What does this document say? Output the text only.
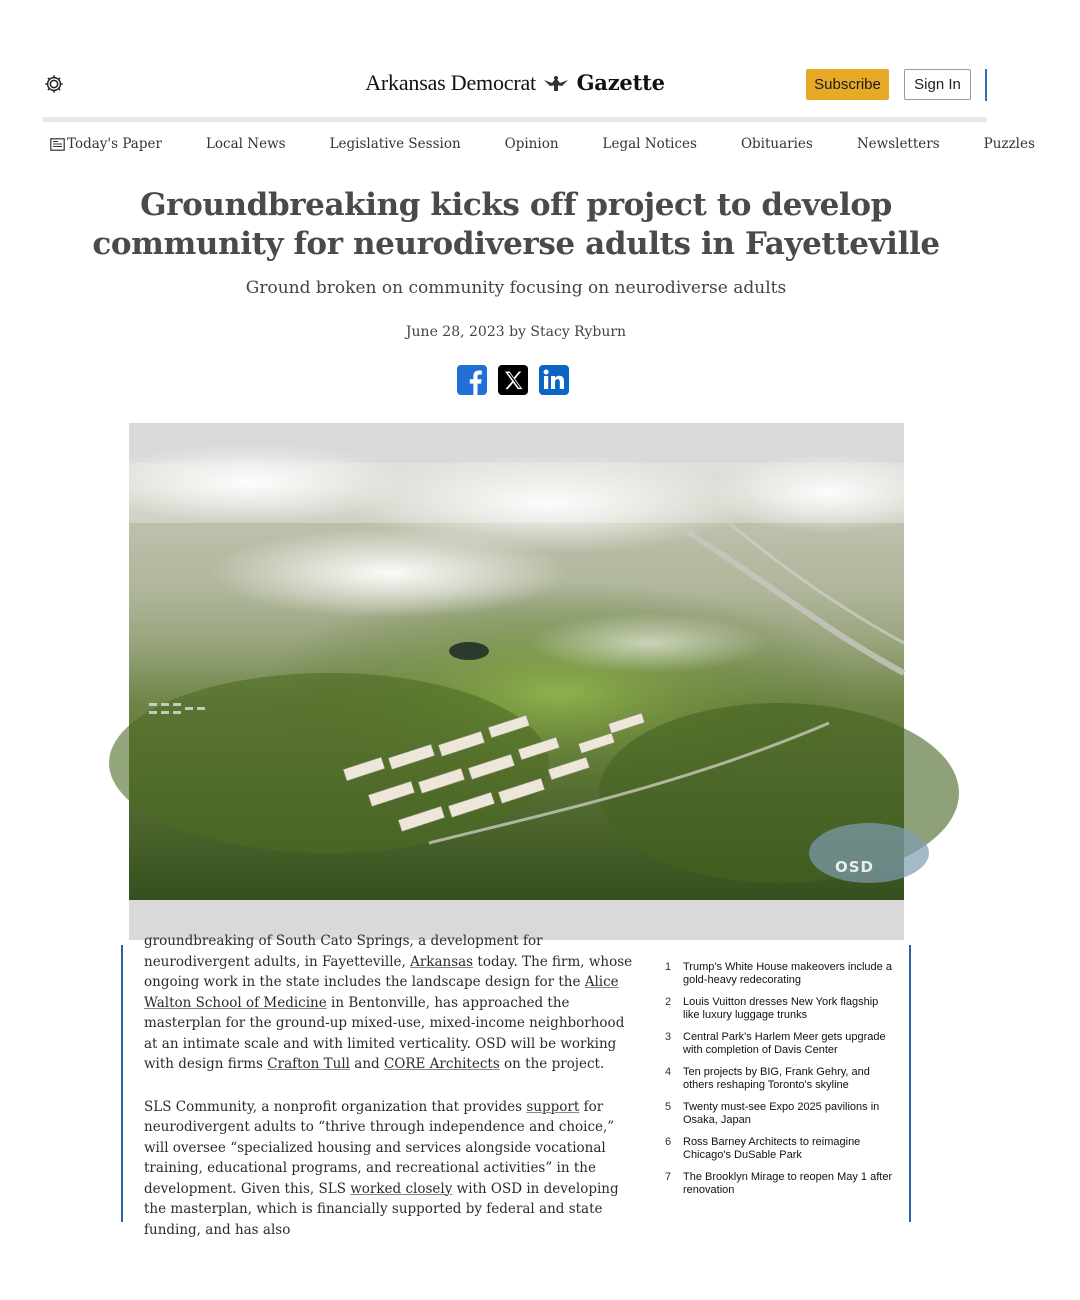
Arkansas Democrat Gazette	Subscribe	Sign In
Today's Paper	Local News	Legislative Session	Opinion	Legal Notices	Obituaries	Newsletters	Puzzles
Groundbreaking kicks off project to develop community for neurodiverse adults in Fayetteville
Ground broken on community focusing on neurodiverse adults
June 28, 2023 by Stacy Ryburn
OSD

groundbreaking of South Cato Springs, a development for

neurodivergent adults, in Fayetteville, Arkansas today. The firm, whose ongoing work in the state includes the landscape design for the Alice Walton School of Medicine in Bentonville, has approached the masterplan for the ground-up mixed-use, mixed-income neighborhood at an intimate scale and with limited verticality. OSD will be working with design firms Crafton Tull and CORE Architects on the project.

SLS Community, a nonprofit organization that provides support for neurodivergent adults to “thrive through independence and choice,” will oversee “specialized housing and services alongside vocational training, educational programs, and recreational activities” in the development. Given this, SLS worked closely with OSD in developing the masterplan, which is financially supported by federal and state funding, and has also

1	Trump's White House makeovers include a gold-heavy redecorating
2	Louis Vuitton dresses New York flagship like luxury luggage trunks
3	Central Park's Harlem Meer gets upgrade with completion of Davis Center
4	Ten projects by BIG, Frank Gehry, and others reshaping Toronto's skyline
5	Twenty must-see Expo 2025 pavilions in Osaka, Japan
6	Ross Barney Architects to reimagine Chicago's DuSable Park
7	The Brooklyn Mirage to reopen May 1 after renovation
